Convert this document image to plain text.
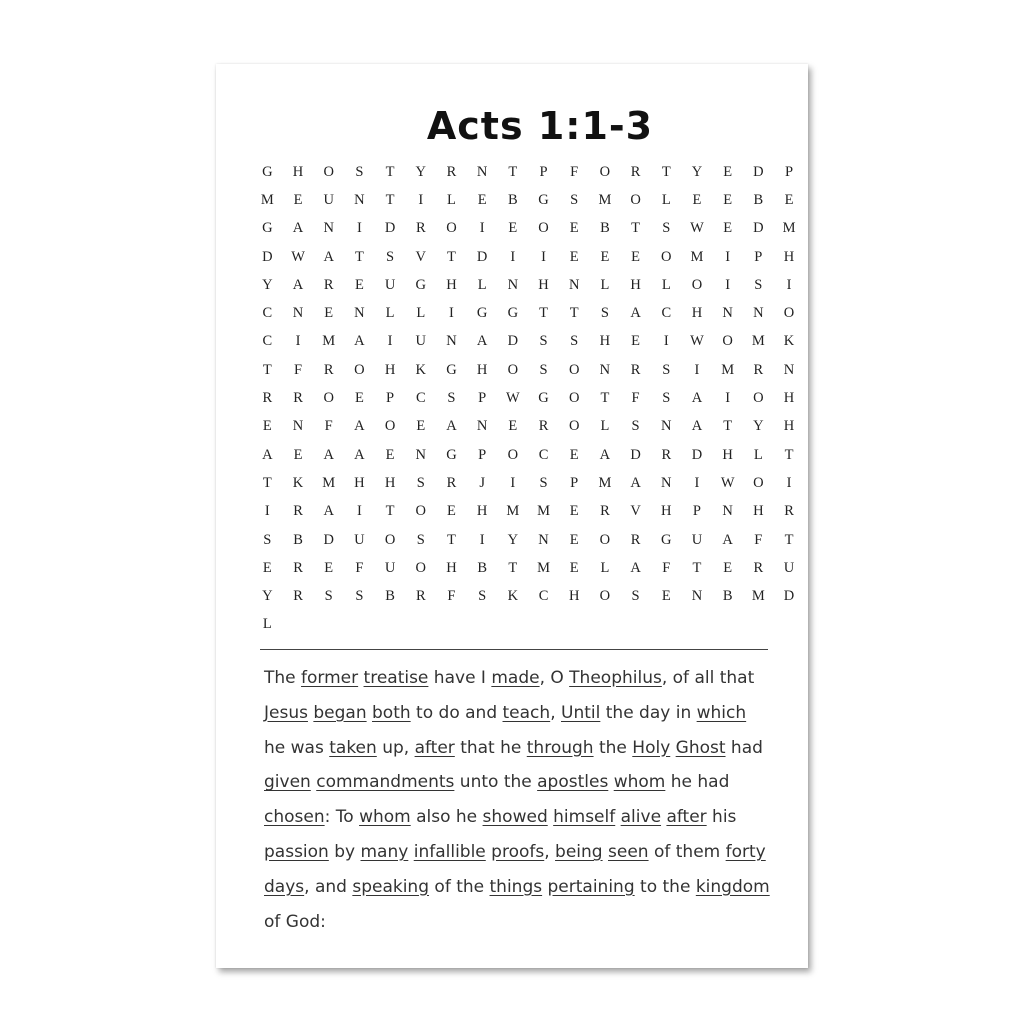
Acts 1:1-3
G	H	O	S	T	Y	R	N	T	P	F	O	R	T	Y	E	D	P
M	E	U	N	T	I	L	E	B	G	S	M	O	L	E	E	B	E
G	A	N	I	D	R	O	I	E	O	E	B	T	S	W	E	D	M
D	W	A	T	S	V	T	D	I	I	E	E	E	O	M	I	P	H
Y	A	R	E	U	G	H	L	N	H	N	L	H	L	O	I	S	I
C	N	E	N	L	L	I	G	G	T	T	S	A	C	H	N	N	O
C	I	M	A	I	U	N	A	D	S	S	H	E	I	W	O	M	K
T	F	R	O	H	K	G	H	O	S	O	N	R	S	I	M	R	N
R	R	O	E	P	C	S	P	W	G	O	T	F	S	A	I	O	H
E	N	F	A	O	E	A	N	E	R	O	L	S	N	A	T	Y	H
A	E	A	A	E	N	G	P	O	C	E	A	D	R	D	H	L	T
T	K	M	H	H	S	R	J	I	S	P	M	A	N	I	W	O	I
I	R	A	I	T	O	E	H	M	M	E	R	V	H	P	N	H	R
S	B	D	U	O	S	T	I	Y	N	E	O	R	G	U	A	F	T
E	R	E	F	U	O	H	B	T	M	E	L	A	F	T	E	R	U
Y	R	S	S	B	R	F	S	K	C	H	O	S	E	N	B	M	D
L
The former treatise have I made, O Theophilus, of all that
Jesus began both to do and teach, Until the day in which
he was taken up, after that he through the Holy Ghost had
given commandments unto the apostles whom he had
chosen: To whom also he showed himself alive after his
passion by many infallible proofs, being seen of them forty
days, and speaking of the things pertaining to the kingdom
of God:
